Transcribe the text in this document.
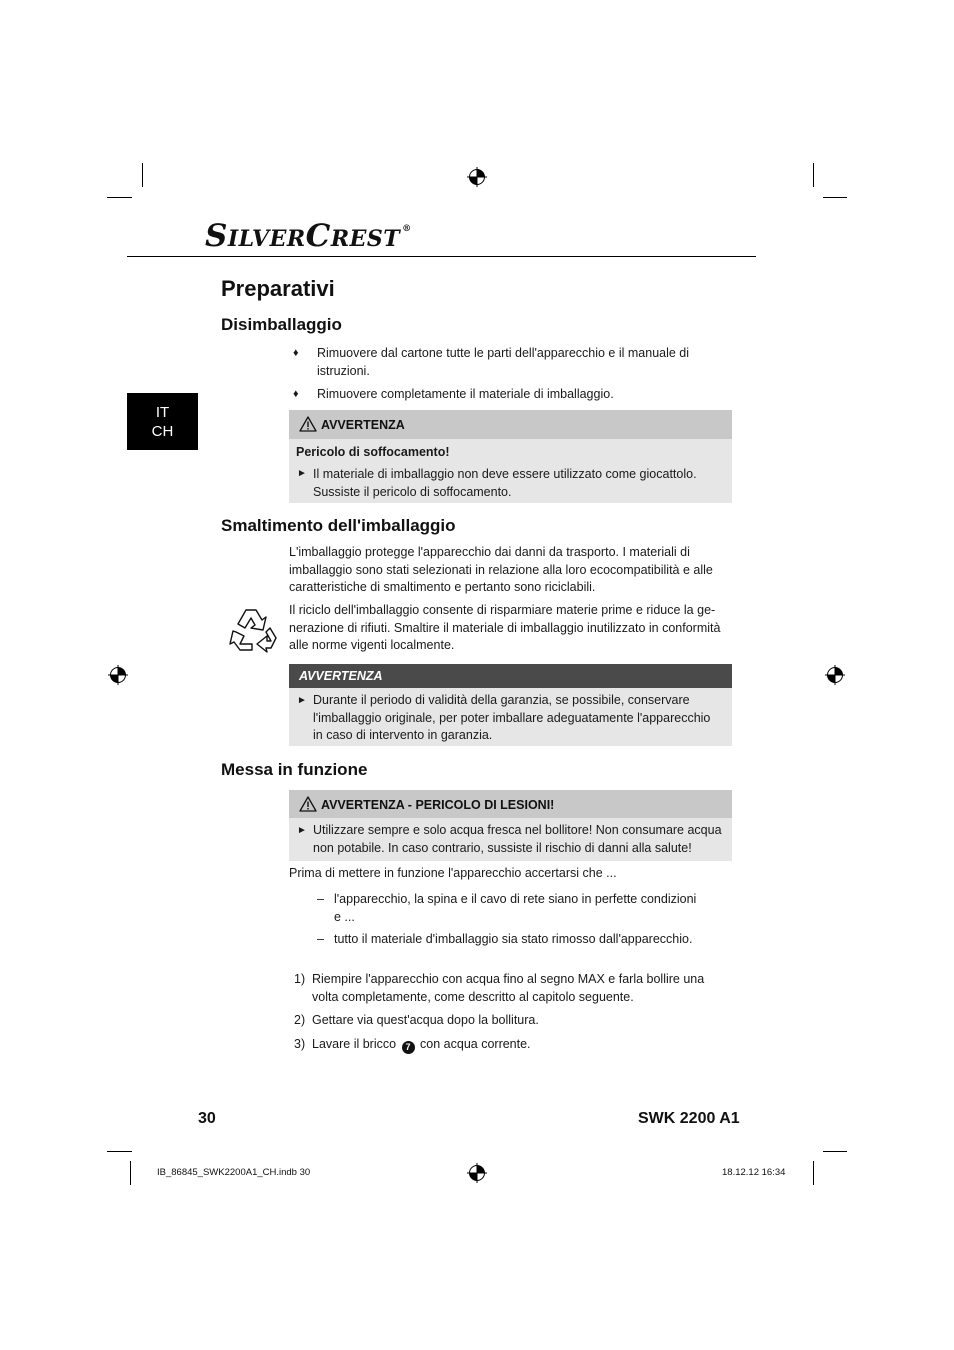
SILVERCREST ®
IT
CH
Preparativi
Disimballaggio
♦ Rimuovere dal cartone tutte le parti dell'apparecchio e il manuale di
istruzioni.
♦ Rimuovere completamente il materiale di imballaggio.
AVVERTENZA
Pericolo di soffocamento!
► Il materiale di imballaggio non deve essere utilizzato come giocattolo.
Sussiste il pericolo di soffocamento.
Smaltimento dell'imballaggio
L'imballaggio protegge l'apparecchio dai danni da trasporto. I materiali di
imballaggio sono stati selezionati in relazione alla loro ecocompatibilità e alle
caratteristiche di smaltimento e pertanto sono riciclabili.
Il riciclo dell'imballaggio consente di risparmiare materie prime e riduce la ge-
nerazione di rifiuti. Smaltire il materiale di imballaggio inutilizzato in conformità
alle norme vigenti localmente.
AVVERTENZA
► Durante il periodo di validità della garanzia, se possibile, conservare
l'imballaggio originale, per poter imballare adeguatamente l'apparecchio
in caso di intervento in garanzia.
Messa in funzione
AVVERTENZA - PERICOLO DI LESIONI!
► Utilizzare sempre e solo acqua fresca nel bollitore! Non consumare acqua
non potabile. In caso contrario, sussiste il rischio di danni alla salute!
Prima di mettere in funzione l'apparecchio accertarsi che ...
– l'apparecchio, la spina e il cavo di rete siano in perfette condizioni
e ...
– tutto il materiale d'imballaggio sia stato rimosso dall'apparecchio.
1) Riempire l'apparecchio con acqua fino al segno MAX e farla bollire una
volta completamente, come descritto al capitolo seguente.
2) Gettare via quest'acqua dopo la bollitura.
3) Lavare il bricco 7 con acqua corrente.
30	SWK 2200 A1
IB_86845_SWK2200A1_CH.indb 30	18.12.12 16:34
